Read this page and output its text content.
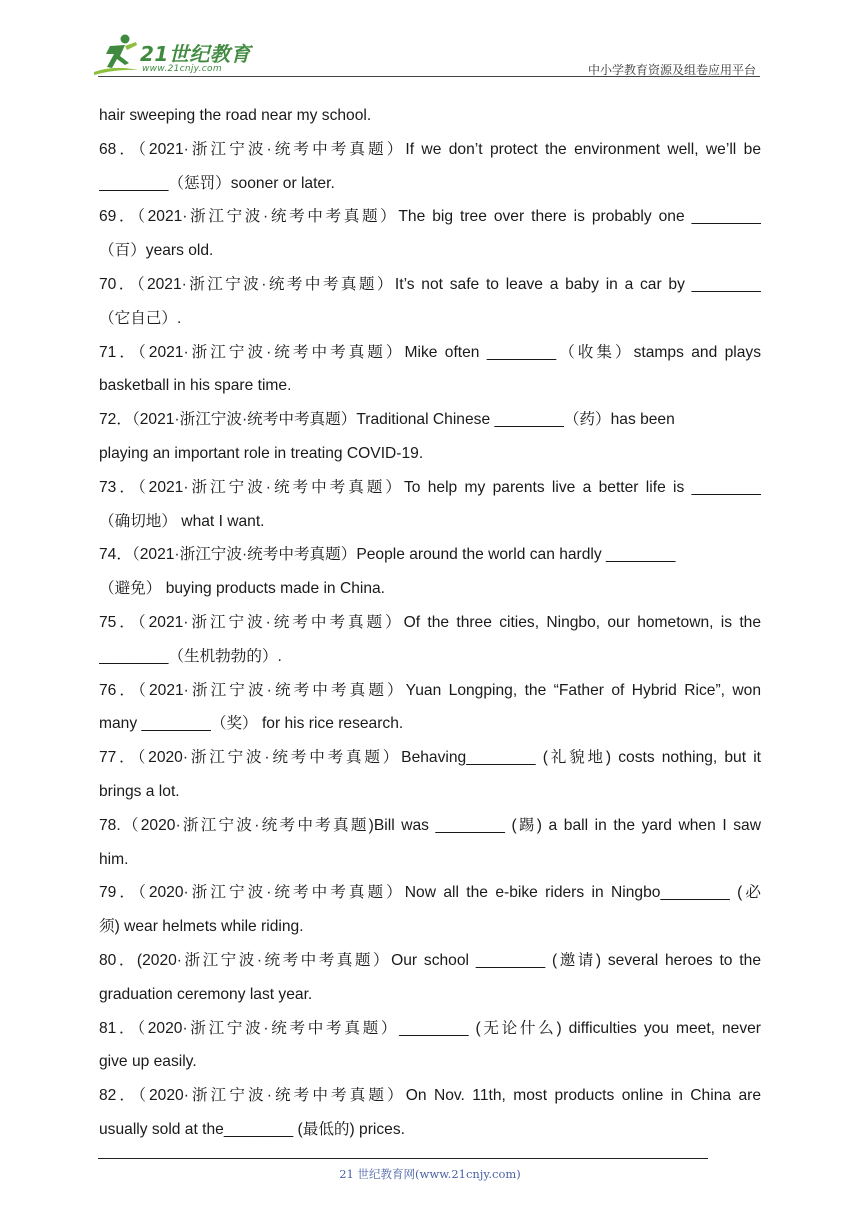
21世纪教育
www.21cnjy.com	中小学教育资源及组卷应用平台
hair sweeping the road near my school.
68．（2021·浙江宁波·统考中考真题）If we don’t protect the environment well, we’ll be
________（惩罚）sooner or later.
69．（2021·浙江宁波·统考中考真题）The big tree over there is probably one ________
（百）years old.
70．（2021·浙江宁波·统考中考真题）It’s not safe to leave a baby in a car by ________
（它自己）.
71．（2021·浙江宁波·统考中考真题）Mike often ________（收集）stamps and plays
basketball in his spare time.
72．（2021·浙江宁波·统考中考真题）Traditional Chinese ________（药）has been
playing an important role in treating COVID-19.
73．（2021·浙江宁波·统考中考真题）To help my parents live a better life is ________
（确切地） what I want.
74．（2021·浙江宁波·统考中考真题）People around the world can hardly ________
（避免） buying products made in China.
75．（2021·浙江宁波·统考中考真题）Of the three cities, Ningbo, our hometown, is the
________（生机勃勃的）.
76．（2021·浙江宁波·统考中考真题）Yuan Longping, the “Father of Hybrid Rice”, won
many ________（奖） for his rice research.
77．（2020·浙江宁波·统考中考真题）Behaving________ (礼貌地) costs nothing, but it
brings a lot.
78.（2020·浙江宁波·统考中考真题)Bill was ________ (踢) a ball in the yard when I saw
him.
79．（2020·浙江宁波·统考中考真题）Now all the e-bike riders in Ningbo________ (必
须) wear helmets while riding.
80．(2020·浙江宁波·统考中考真题）Our school ________ (邀请) several heroes to the
graduation ceremony last year.
81．（2020·浙江宁波·统考中考真题）________ (无论什么) difficulties you meet, never
give up easily.
82．（2020·浙江宁波·统考中考真题）On Nov. 11th, most products online in China are
usually sold at the________ (最低的) prices.
21 世纪教育网(www.21cnjy.com)
